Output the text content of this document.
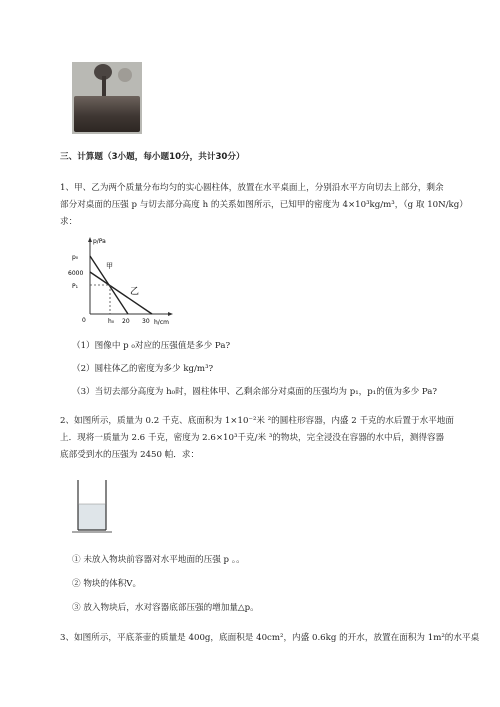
三、计算题（3小题，每小题10分，共计30分）
1、甲、乙为两个质量分布均匀的实心圆柱体，放置在水平桌面上，分别沿水平方向切去上部分，剩余
部分对桌面的压强 p 与切去部分高度 h 的关系如图所示，已知甲的密度为 4×10³kg/m³，（g 取 10N/kg）
求：
p/Pa
h/cm
p₀
6000
P₁
0	h₀ 20 30
甲
乙
（1）图像中 p ₀对应的压强值是多少 Pa?
（2）圆柱体乙的密度为多少 kg/m³?
（3）当切去部分高度为 h₀时，圆柱体甲、乙剩余部分对桌面的压强均为 p₁，p₁的值为多少 Pa?
2、如图所示，质量为 0.2 千克、底面积为 1×10⁻²米 ²的圆柱形容器，内盛 2 千克的水后置于水平地面
上．现将一质量为 2.6 千克，密度为 2.6×10³千克/米 ³的物块，完全浸没在容器的水中后，测得容器
底部受到水的压强为 2450 帕．求：
① 未放入物块前容器对水平地面的压强 p 。。
② 物块的体积V。
③ 放入物块后，水对容器底部压强的增加量△p。
3、如图所示，平底茶壶的质量是 400g，底面积是 40cm²，内盛 0.6kg 的开水，放置在面积为 1m²的水平桌
